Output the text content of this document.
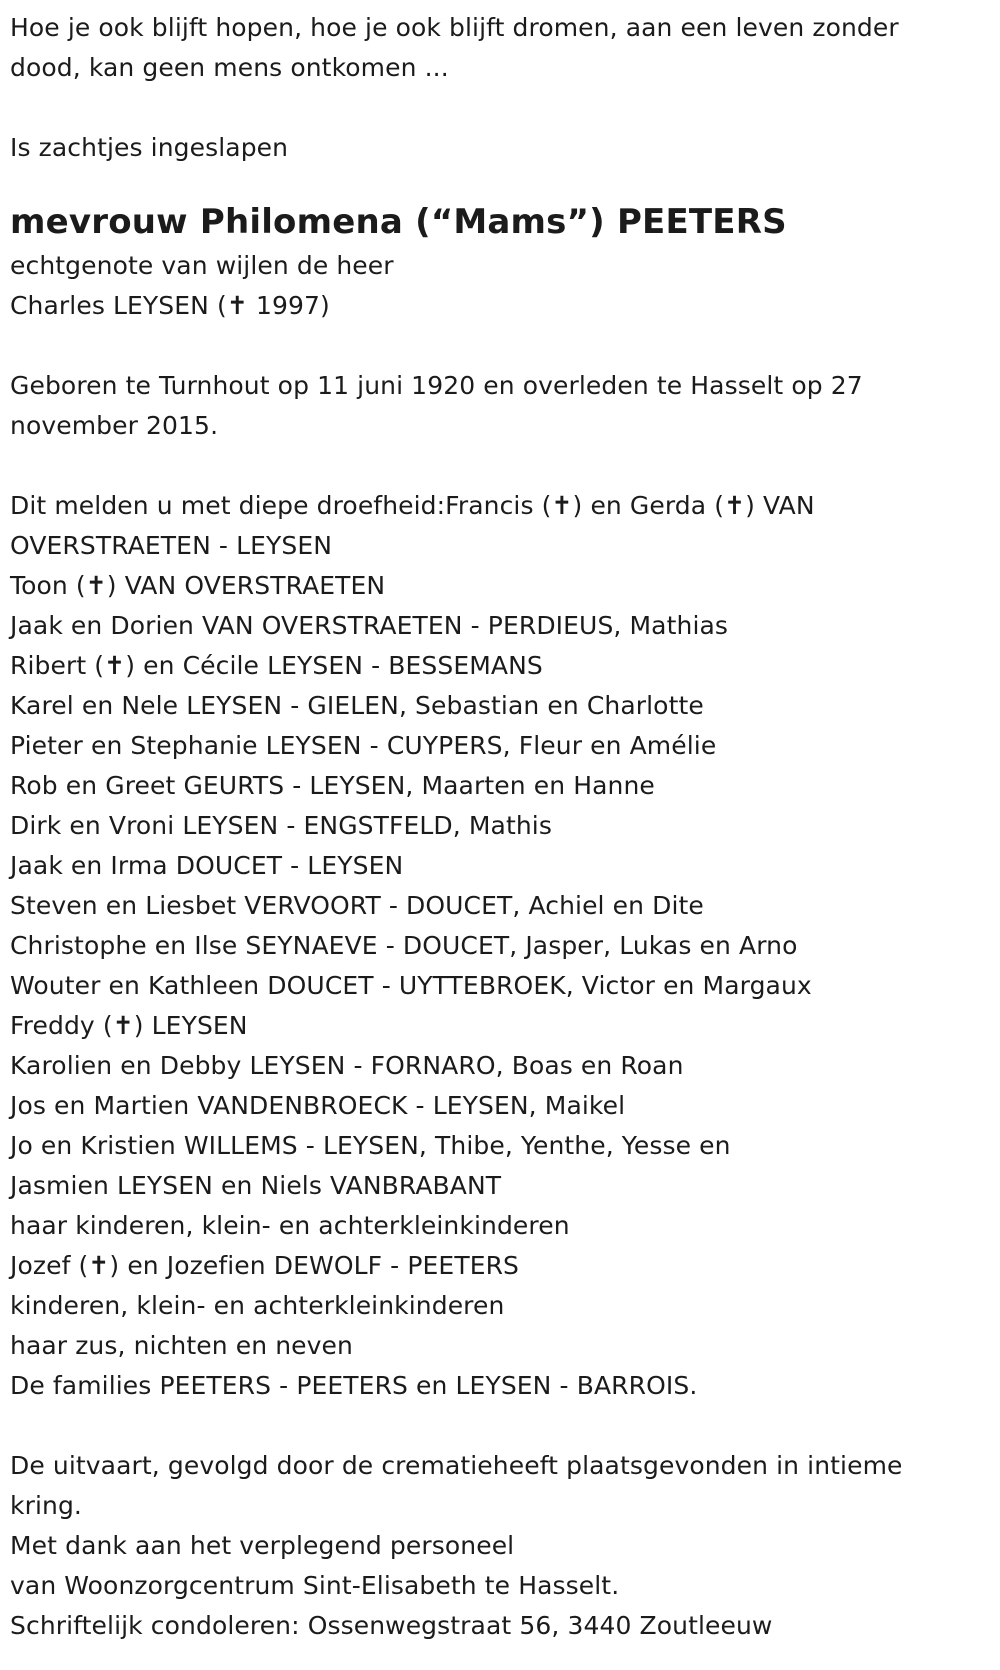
Hoe je ook blijft hopen, hoe je ook blijft dromen, aan een leven zonder
dood, kan geen mens ontkomen ...
Is zachtjes ingeslapen
mevrouw Philomena (“Mams”) PEETERS
echtgenote van wijlen de heer
Charles LEYSEN (✝ 1997)
Geboren te Turnhout op 11 juni 1920 en overleden te Hasselt op 27
november 2015.
Dit melden u met diepe droefheid:Francis (✝) en Gerda (✝) VAN
OVERSTRAETEN - LEYSEN
Toon (✝) VAN OVERSTRAETEN
Jaak en Dorien VAN OVERSTRAETEN - PERDIEUS, Mathias
Ribert (✝) en Cécile LEYSEN - BESSEMANS
Karel en Nele LEYSEN - GIELEN, Sebastian en Charlotte
Pieter en Stephanie LEYSEN - CUYPERS, Fleur en Amélie
Rob en Greet GEURTS - LEYSEN, Maarten en Hanne
Dirk en Vroni LEYSEN - ENGSTFELD, Mathis
Jaak en Irma DOUCET - LEYSEN
Steven en Liesbet VERVOORT - DOUCET, Achiel en Dite
Christophe en Ilse SEYNAEVE - DOUCET, Jasper, Lukas en Arno
Wouter en Kathleen DOUCET - UYTTEBROEK, Victor en Margaux
Freddy (✝) LEYSEN
Karolien en Debby LEYSEN - FORNARO, Boas en Roan
Jos en Martien VANDENBROECK - LEYSEN, Maikel
Jo en Kristien WILLEMS - LEYSEN, Thibe, Yenthe, Yesse en
Jasmien LEYSEN en Niels VANBRABANT
haar kinderen, klein- en achterkleinkinderen
Jozef (✝) en Jozefien DEWOLF - PEETERS
kinderen, klein- en achterkleinkinderen
haar zus, nichten en neven
De families PEETERS - PEETERS en LEYSEN - BARROIS.
De uitvaart, gevolgd door de crematieheeft plaatsgevonden in intieme
kring.
Met dank aan het verplegend personeel
van Woonzorgcentrum Sint-Elisabeth te Hasselt.
Schriftelijk condoleren: Ossenwegstraat 56, 3440 Zoutleeuw
